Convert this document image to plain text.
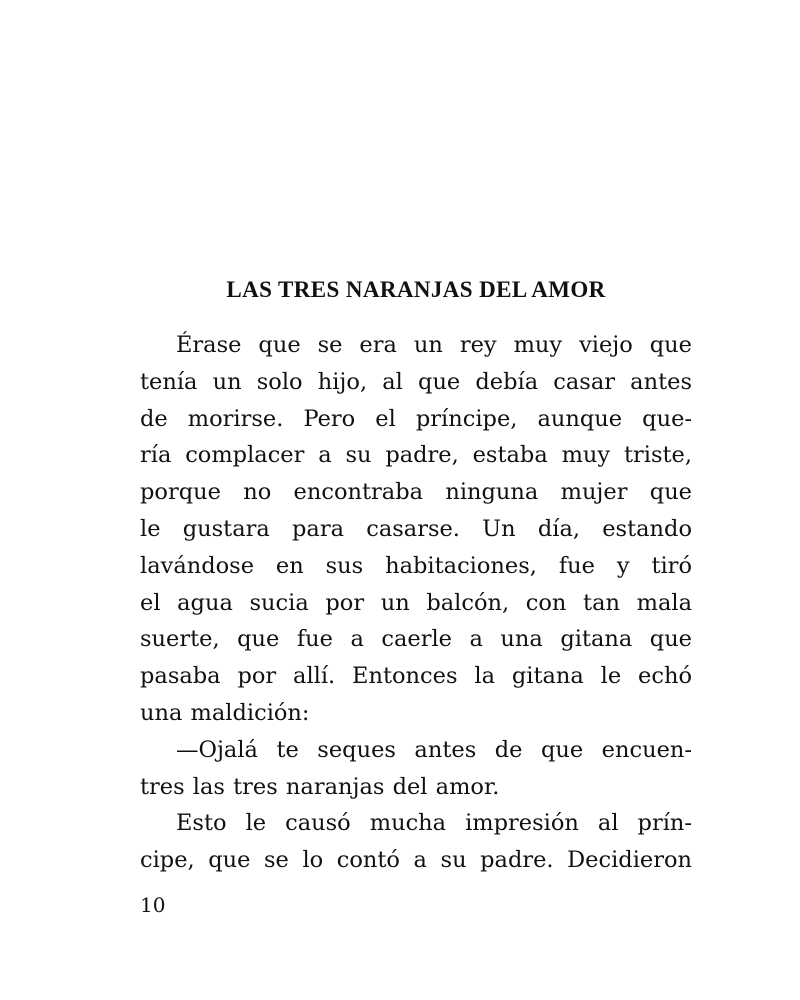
LAS TRES NARANJAS DEL AMOR
Érase que se era un rey muy viejo que
tenía un solo hijo, al que debía casar antes
de morirse. Pero el príncipe, aunque que-
ría complacer a su padre, estaba muy triste,
porque no encontraba ninguna mujer que
le gustara para casarse. Un día, estando
lavándose en sus habitaciones, fue y tiró
el agua sucia por un balcón, con tan mala
suerte, que fue a caerle a una gitana que
pasaba por allí. Entonces la gitana le echó
una maldición:
—Ojalá te seques antes de que encuen-
tres las tres naranjas del amor.
Esto le causó mucha impresión al prín-
cipe, que se lo contó a su padre. Decidieron

10
